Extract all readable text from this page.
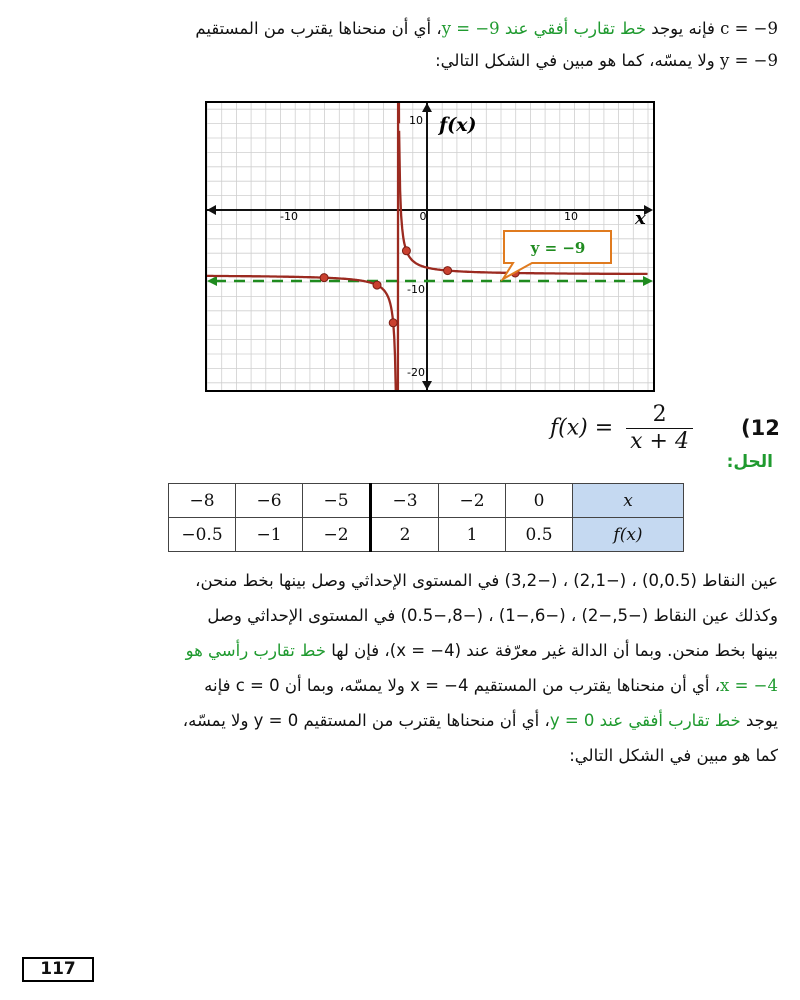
c = −9 فإنه يوجد خط تقارب أفقي عند y = −9، أي أن منحناها يقترب من المستقيم
y = −9 ولا يمسّه، كما هو مبين في الشكل التالي:
-10	0	10
10
-10
-20
f(x)
x
y = −9
(12
$f(x) = \frac{2}{x + 4}$
الحل:
−8	−6	−5	−3	−2	0	x
−0.5	−1	−2	2	1	0.5	f(x)
عين النقاط (0,0.5) ، (−2,1) ، (−3,2) في المستوى الإحداثي وصل بينها بخط منحن،
وكذلك عين النقاط (−5,−2) ، (−6,−1) ، (−8,−0.5) في المستوى الإحداثي وصل
بينها بخط منحن. وبما أن الدالة غير معرّفة عند (x = −4)، فإن لها خط تقارب رأسي هو
x = −4، أي أن منحناها يقترب من المستقيم x = −4 ولا يمسّه، وبما أن c = 0 فإنه
يوجد خط تقارب أفقي عند y = 0، أي أن منحناها يقترب من المستقيم y = 0 ولا يمسّه،
كما هو مبين في الشكل التالي:
117
